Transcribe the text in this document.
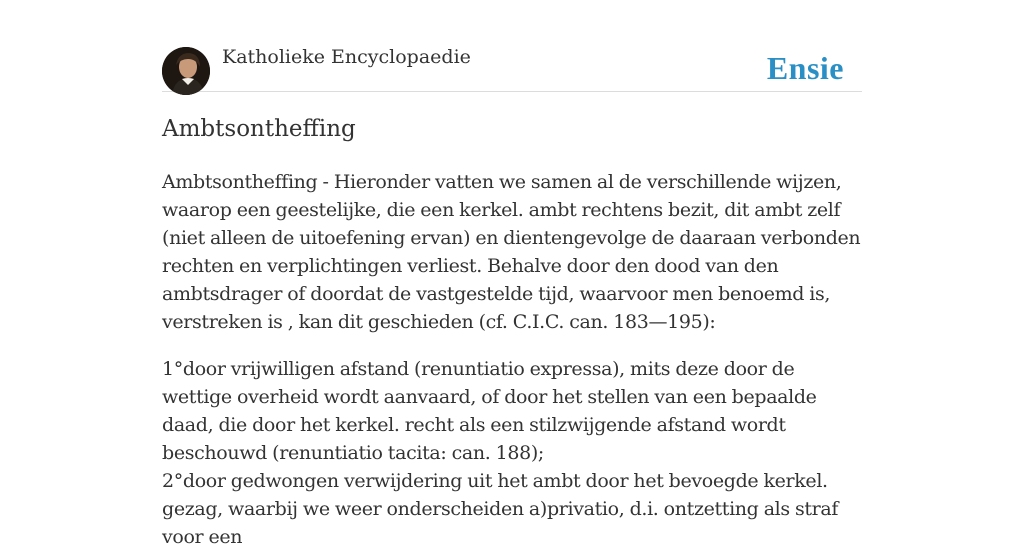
Katholieke Encyclopaedie	Ensie
Ambtsontheffing

Ambtsontheffing - Hieronder vatten we samen al de verschillende wijzen, waarop een geestelijke, die een kerkel. ambt rechtens bezit, dit ambt zelf (niet alleen de uitoefening ervan) en dientengevolge de daaraan verbonden rechten en verplichtingen verliest. Behalve door den dood van den ambtsdrager of doordat de vastgestelde tijd, waarvoor men benoemd is, verstreken is , kan dit geschieden (cf. C.I.C. can. 183—195):

1°door vrijwilligen afstand (renuntiatio expressa), mits deze door de wettige overheid wordt aanvaard, of door het stellen van een bepaalde daad, die door het kerkel. recht als een stilzwijgende afstand wordt beschouwd (renuntiatio tacita: can. 188);
2°door gedwongen verwijdering uit het ambt door het bevoegde kerkel. gezag, waarbij we weer onderscheiden a)privatio, d.i. ontzetting als straf voor een
